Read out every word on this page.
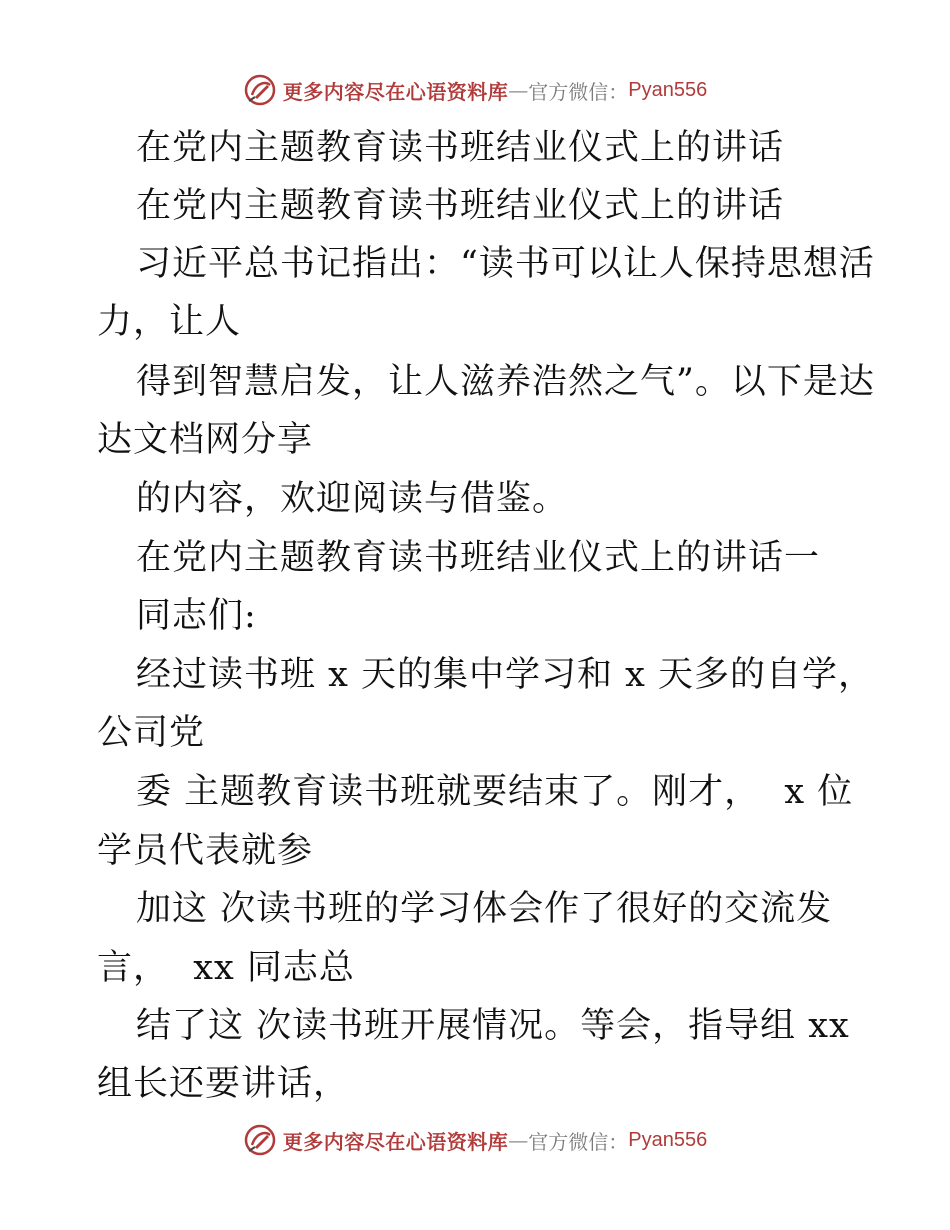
更多内容尽在心语资料库 — 官方微信： Pyan556
在党内主题教育读书班结业仪式上的讲话
在党内主题教育读书班结业仪式上的讲话
习近平总书记指出：“读书可以让人保持思想活
力，让人
得到智慧启发，让人滋养浩然之气”。以下是达
达文档网分享
的内容，欢迎阅读与借鉴。
在党内主题教育读书班结业仪式上的讲话一
同志们:
经过读书班 x 天的集中学习和 x 天多的自学，
公司党
委 主题教育读书班就要结束了。刚才，  x 位
学员代表就参
加这 次读书班的学习体会作了很好的交流发
言，  xx 同志总
结了这 次读书班开展情况。等会，指导组 xx
组长还要讲话，
更多内容尽在心语资料库 — 官方微信： Pyan556
